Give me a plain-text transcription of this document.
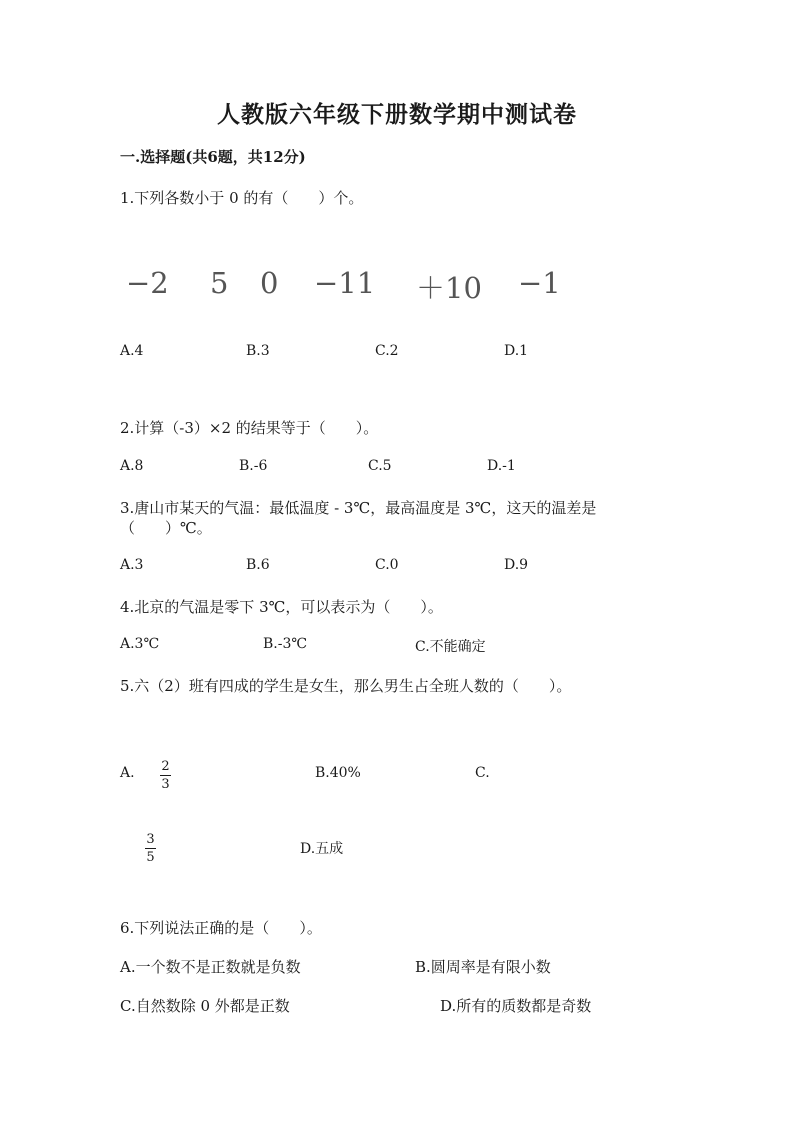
人教版六年级下册数学期中测试卷
一.选择题(共6题，共12分)
1.下列各数小于 0 的有（　　）个。
−2 5 0 −11 ＋10 −1
A.4	B.3	C.2	D.1
2.计算（-3）×2 的结果等于（　　）。
A.8	B.-6	C.5	D.-1
3.唐山市某天的气温：最低温度 - 3℃，最高温度是 3℃，这天的温差是
（　　）℃。
A.3	B.6	C.0	D.9
4.北京的气温是零下 3℃，可以表示为（　　）。
A.3℃	B.-3℃	C.不能确定
5.六（2）班有四成的学生是女生，那么男生占全班人数的（　　）。
A. 2
3
B.40%	C.
3
5
D.五成
6.下列说法正确的是（　　）。
A.一个数不是正数就是负数	B.圆周率是有限小数
C.自然数除 0 外都是正数	D.所有的质数都是奇数
